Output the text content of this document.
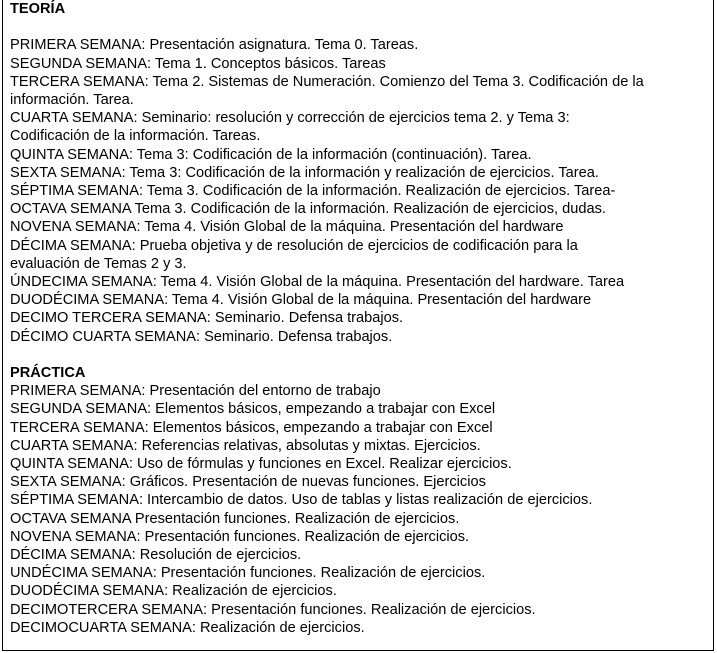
TEORÍA

PRIMERA SEMANA: Presentación asignatura. Tema 0. Tareas.

SEGUNDA SEMANA: Tema 1. Conceptos básicos. Tareas

TERCERA SEMANA: Tema 2. Sistemas de Numeración. Comienzo del Tema 3. Codificación de la

información. Tarea.

CUARTA SEMANA: Seminario: resolución y corrección de ejercicios tema 2. y Tema 3:

Codificación de la información. Tareas.

QUINTA SEMANA: Tema 3: Codificación de la información (continuación). Tarea.

SEXTA SEMANA: Tema 3: Codificación de la información y realización de ejercicios. Tarea.

SÉPTIMA SEMANA: Tema 3. Codificación de la información. Realización de ejercicios. Tarea-

OCTAVA SEMANA Tema 3. Codificación de la información. Realización de ejercicios, dudas.

NOVENA SEMANA: Tema 4. Visión Global de la máquina. Presentación del hardware

DÉCIMA SEMANA: Prueba objetiva y de resolución de ejercicios de codificación para la

evaluación de Temas 2 y 3.

ÚNDECIMA SEMANA: Tema 4. Visión Global de la máquina. Presentación del hardware. Tarea

DUODÉCIMA SEMANA: Tema 4. Visión Global de la máquina. Presentación del hardware

DECIMO TERCERA SEMANA: Seminario. Defensa trabajos.

DÉCIMO CUARTA SEMANA: Seminario. Defensa trabajos.

PRÁCTICA

PRIMERA SEMANA: Presentación del entorno de trabajo

SEGUNDA SEMANA: Elementos básicos, empezando a trabajar con Excel

TERCERA SEMANA: Elementos básicos, empezando a trabajar con Excel

CUARTA SEMANA: Referencias relativas, absolutas y mixtas. Ejercicios.

QUINTA SEMANA: Uso de fórmulas y funciones en Excel. Realizar ejercicios.

SEXTA SEMANA: Gráficos. Presentación de nuevas funciones. Ejercicios

SÉPTIMA SEMANA: Intercambio de datos. Uso de tablas y listas realización de ejercicios.

OCTAVA SEMANA Presentación funciones. Realización de ejercicios.

NOVENA SEMANA: Presentación funciones. Realización de ejercicios.

DÉCIMA SEMANA: Resolución de ejercicios.

UNDÉCIMA SEMANA: Presentación funciones. Realización de ejercicios.

DUODÉCIMA SEMANA: Realización de ejercicios.

DECIMOTERCERA SEMANA: Presentación funciones. Realización de ejercicios.

DECIMOCUARTA SEMANA: Realización de ejercicios.
